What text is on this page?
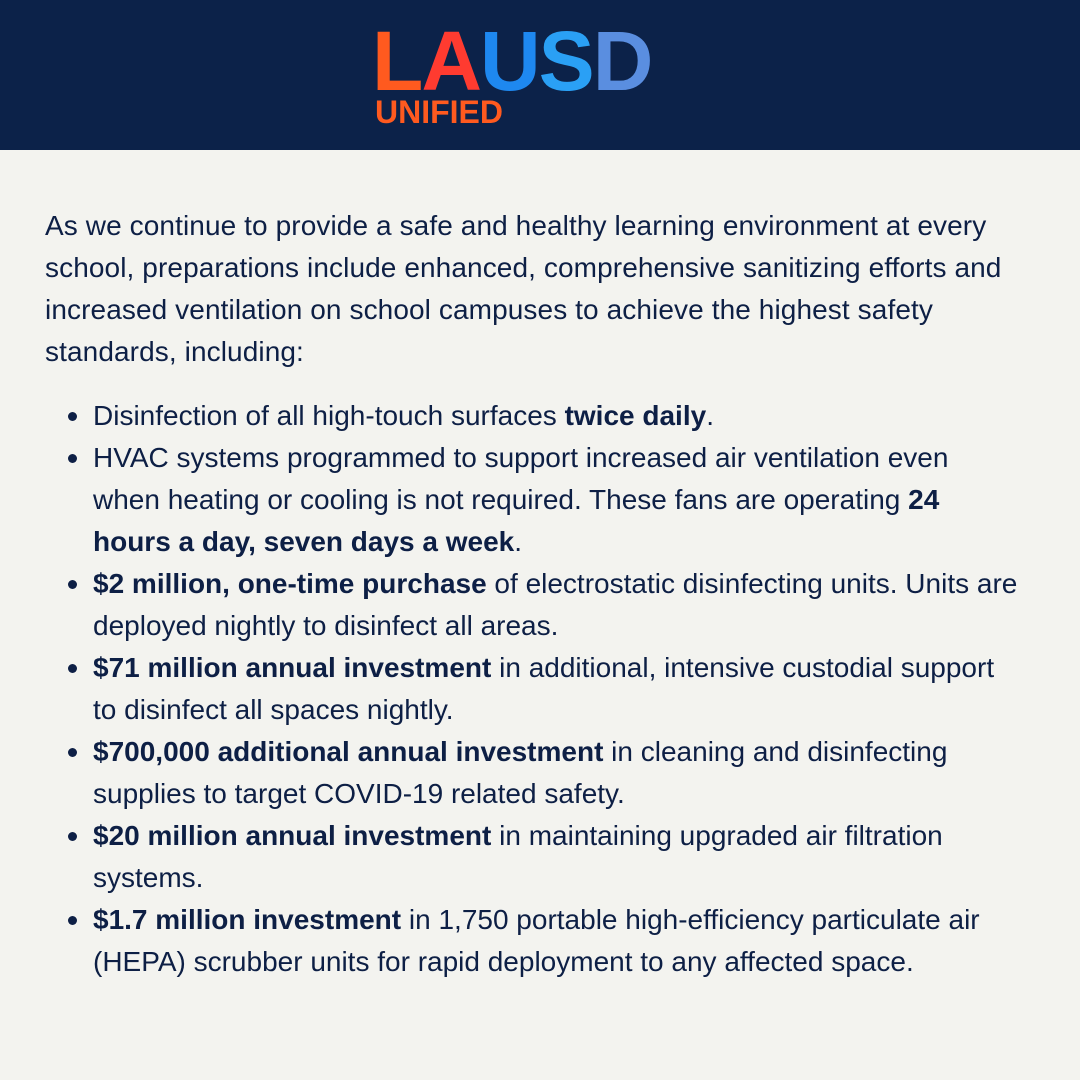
LAUSD
UNIFIED

As we continue to provide a safe and healthy learning environment at every school, preparations include enhanced, comprehensive sanitizing efforts and increased ventilation on school campuses to achieve the highest safety standards, including:

Disinfection of all high-touch surfaces twice daily.
HVAC systems programmed to support increased air ventilation even when heating or cooling is not required. These fans are operating 24 hours a day, seven days a week.
$2 million, one-time purchase of electrostatic disinfecting units. Units are deployed nightly to disinfect all areas.
$71 million annual investment in additional, intensive custodial support to disinfect all spaces nightly.
$700,000 additional annual investment in cleaning and disinfecting supplies to target COVID-19 related safety.
$20 million annual investment in maintaining upgraded air filtration systems.
$1.7 million investment in 1,750 portable high-efficiency particulate air (HEPA) scrubber units for rapid deployment to any affected space.
